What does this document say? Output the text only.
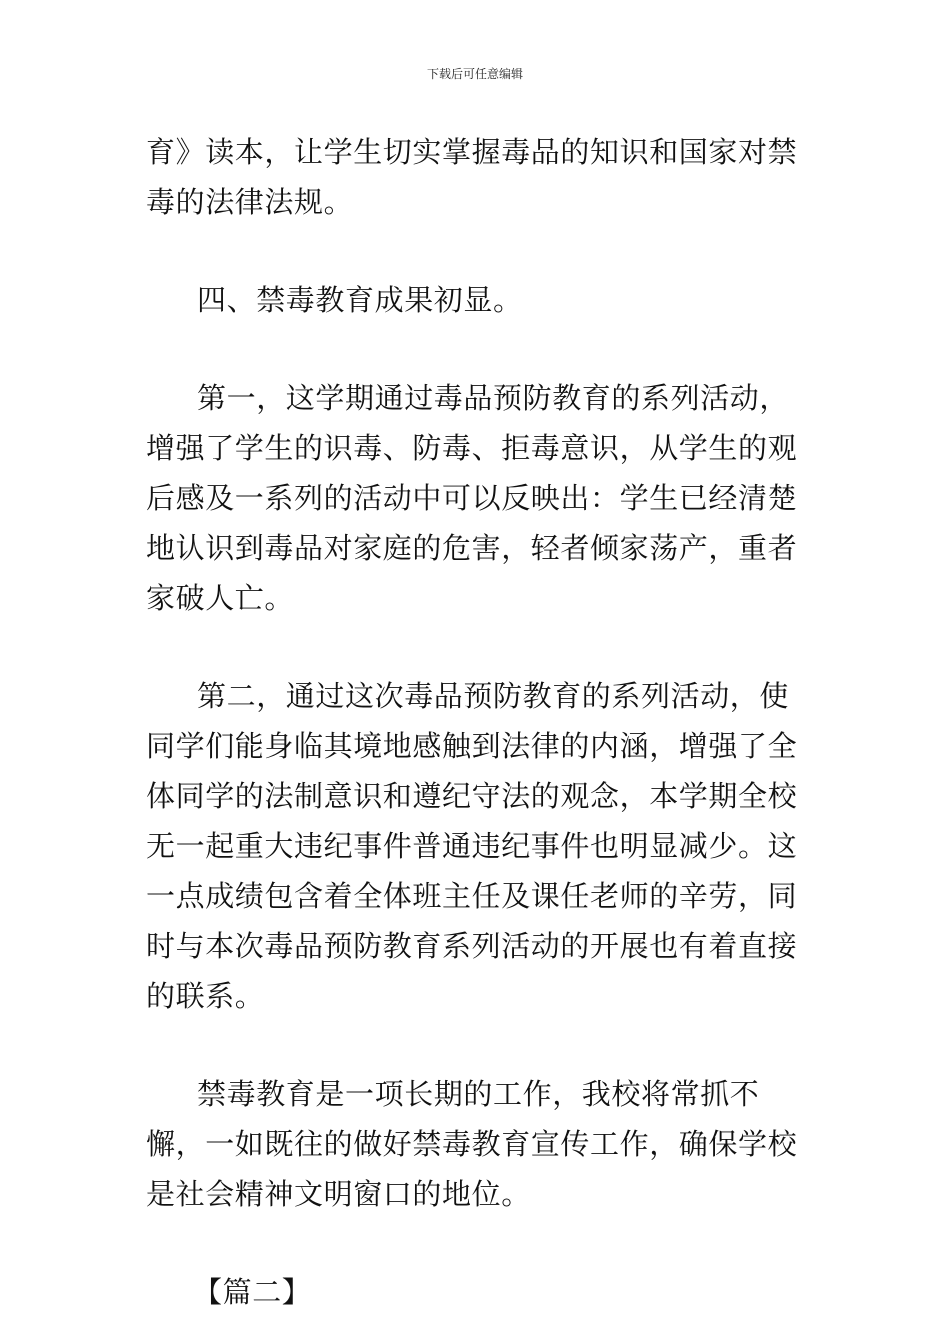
下载后可任意编辑

育》读本，让学生切实掌握毒品的知识和国家对禁毒的法律法规。

四、禁毒教育成果初显。

第一，这学期通过毒品预防教育的系列活动，增强了学生的识毒、防毒、拒毒意识，从学生的观后感及一系列的活动中可以反映出：学生已经清楚地认识到毒品对家庭的危害，轻者倾家荡产，重者家破人亡。

第二，通过这次毒品预防教育的系列活动，使同学们能身临其境地感触到法律的内涵，增强了全体同学的法制意识和遵纪守法的观念，本学期全校无一起重大违纪事件普通违纪事件也明显减少。这一点成绩包含着全体班主任及课任老师的辛劳，同时与本次毒品预防教育系列活动的开展也有着直接的联系。

禁毒教育是一项长期的工作，我校将常抓不懈，一如既往的做好禁毒教育宣传工作，确保学校是社会精神文明窗口的地位。

【篇二】
